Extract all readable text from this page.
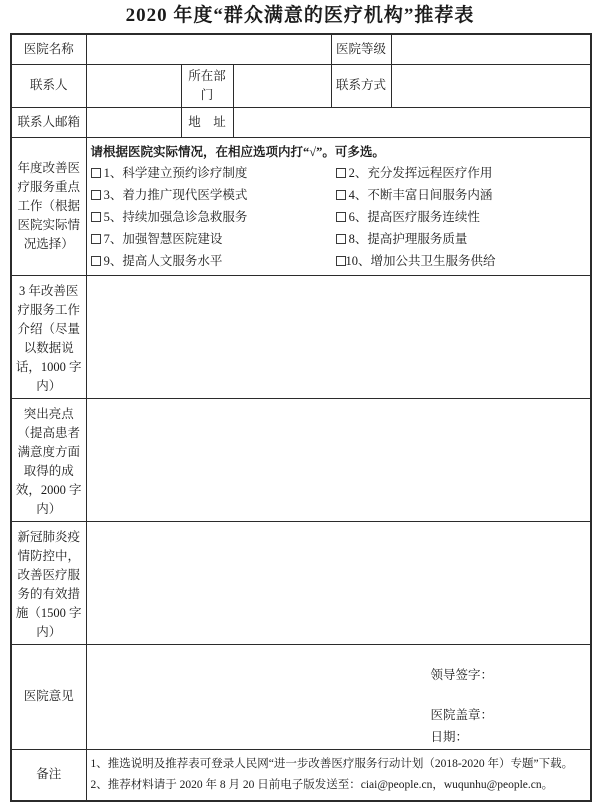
2020 年度“群众满意的医疗机构”推荐表
医院名称				医院等级	
联系人		所在部门		联系方式	
联系人邮箱		地　址			
年度改善医疗服务重点工作（根据医院实际情况选择）	
请根据医院实际情况，在相应选项内打“√”。可多选。
1、科学建立预约诊疗制度	2、充分发挥远程医疗作用
3、着力推广现代医学模式	4、不断丰富日间服务内涵
5、持续加强急诊急救服务	6、提高医疗服务连续性
7、加强智慧医院建设	8、提高护理服务质量
9、提高人文服务水平	10、增加公共卫生服务供给

3 年改善医疗服务工作介绍（尽量以数据说话，1000 字内）					
突出亮点（提高患者满意度方面取得的成效，2000 字内）					
新冠肺炎疫情防控中，改善医疗服务的有效措施（1500 字内）					
医院意见	领导签字：
医院盖章：
日期：				

备注	1、推选说明及推荐表可登录人民网“进一步改善医疗服务行动计划（2018-2020 年）专题”下载。
2、推荐材料请于 2020 年 8 月 20 日前电子版发送至：ciai@people.cn，wuqunhu@people.cn。				
